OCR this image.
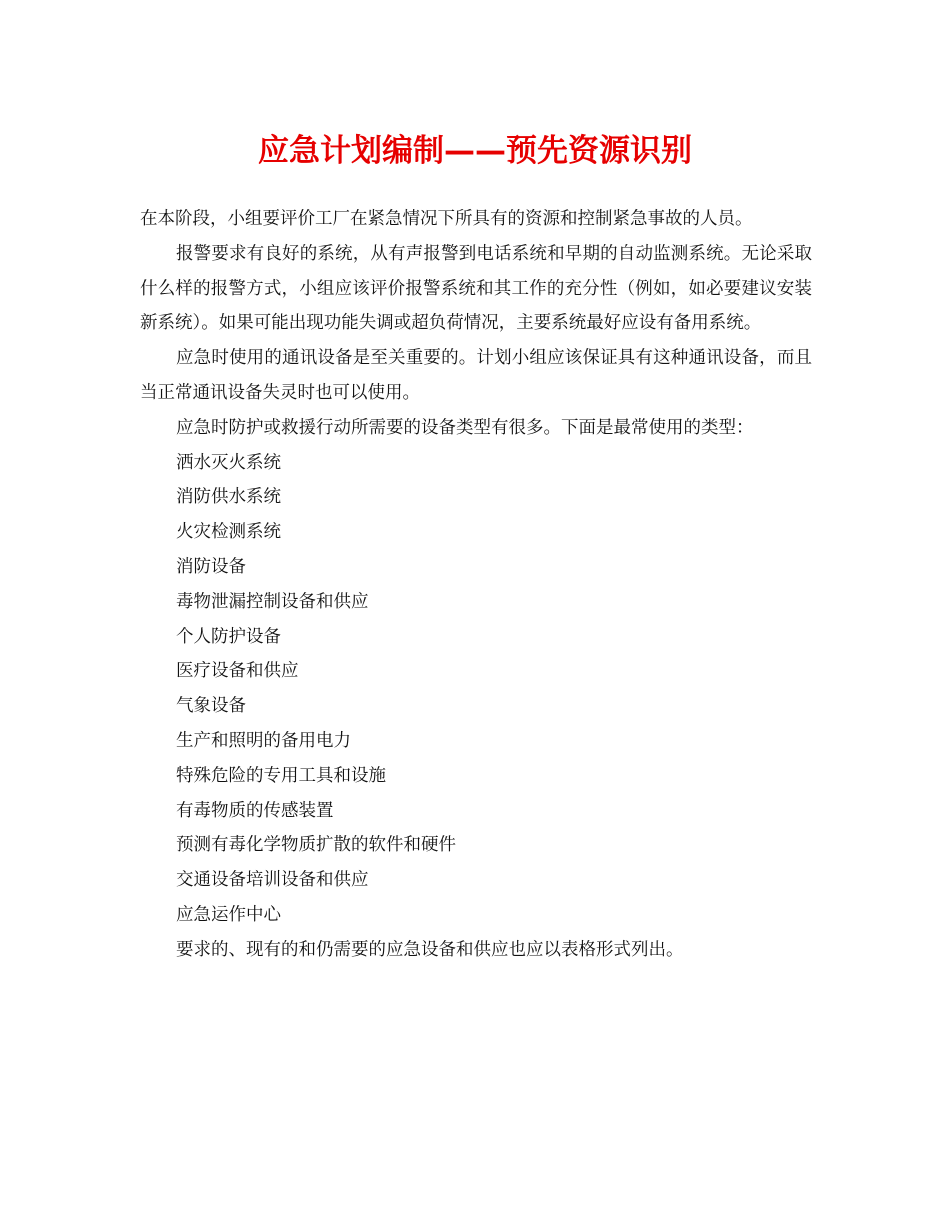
应急计划编制——预先资源识别

在本阶段，小组要评价工厂在紧急情况下所具有的资源和控制紧急事故的人员。

报警要求有良好的系统，从有声报警到电话系统和早期的自动监测系统。无论采取什么样的报警方式，小组应该评价报警系统和其工作的充分性（例如，如必要建议安装新系统）。如果可能出现功能失调或超负荷情况，主要系统最好应设有备用系统。

应急时使用的通讯设备是至关重要的。计划小组应该保证具有这种通讯设备，而且当正常通讯设备失灵时也可以使用。

应急时防护或救援行动所需要的设备类型有很多。下面是最常使用的类型：

洒水灭火系统

消防供水系统

火灾检测系统

消防设备

毒物泄漏控制设备和供应

个人防护设备

医疗设备和供应

气象设备

生产和照明的备用电力

特殊危险的专用工具和设施

有毒物质的传感装置

预测有毒化学物质扩散的软件和硬件

交通设备培训设备和供应

应急运作中心

要求的、现有的和仍需要的应急设备和供应也应以表格形式列出。
